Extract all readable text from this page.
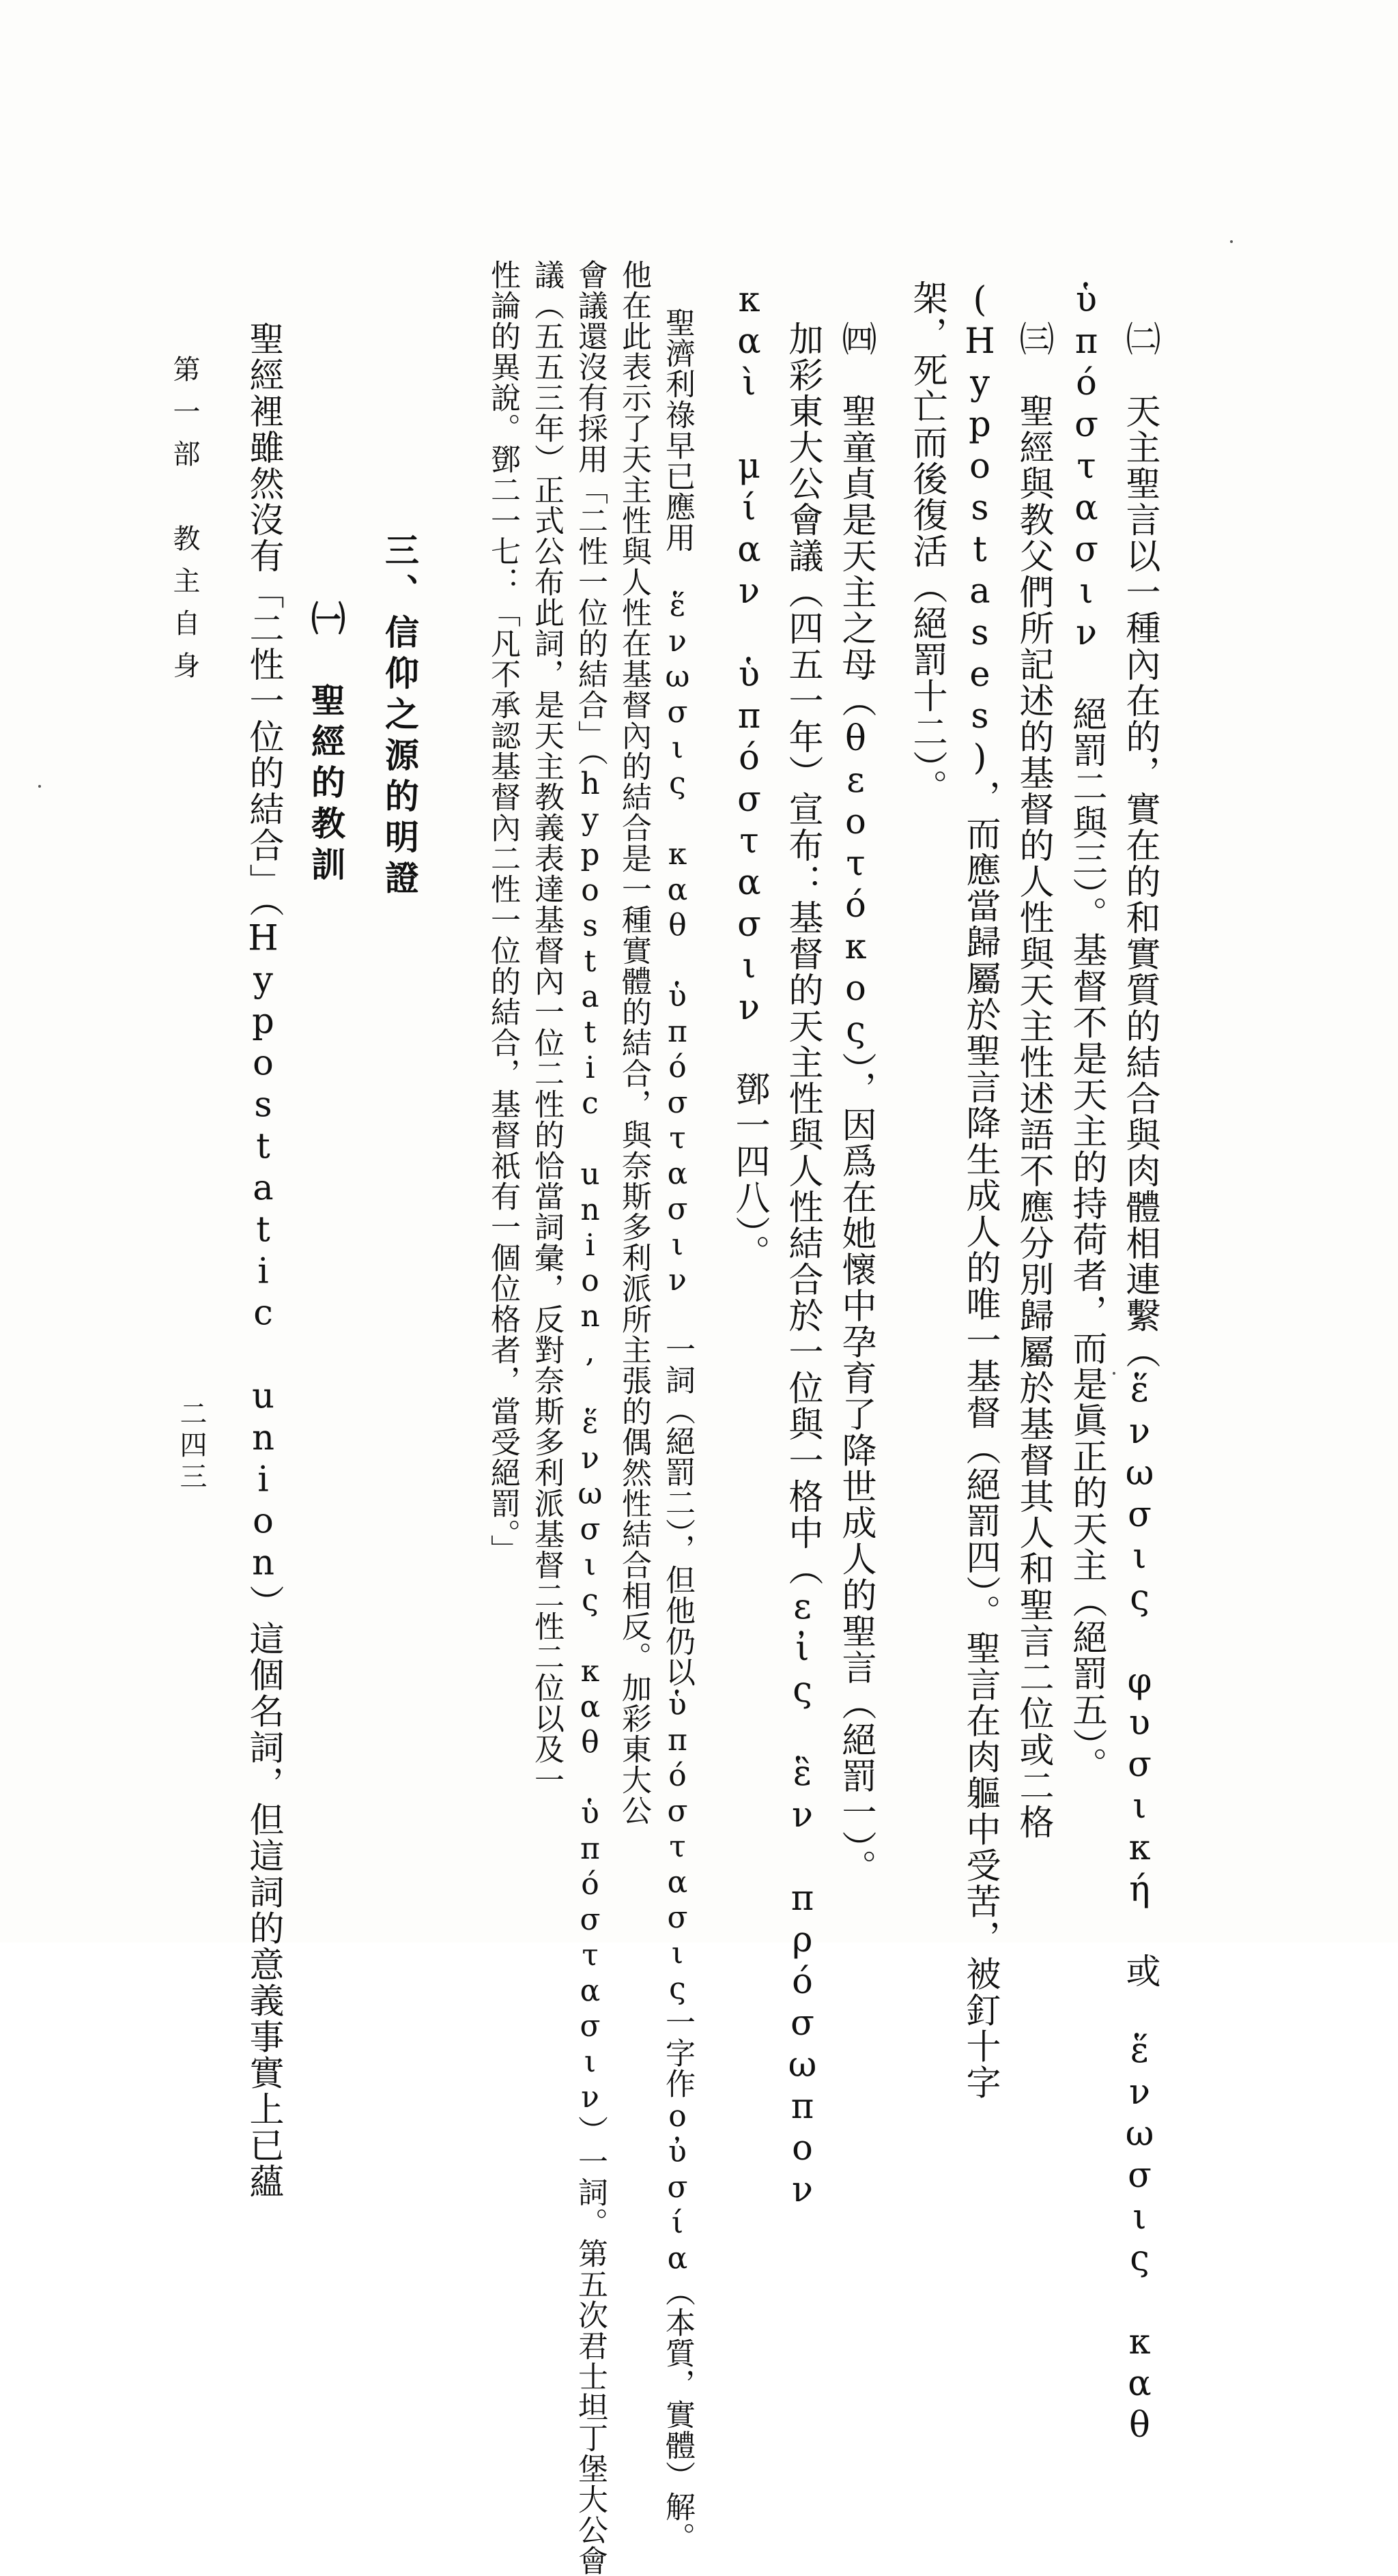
㈡　天主聖言以一種內在的，實在的和實質的結合與肉體相連繫（ἕνωσις φυσική 或 ἕνωσις καθ
ὑπόστασιν 絕罰二與三）。基督不是天主的持荷者，而是眞正的天主（絕罰五）。
㈢　聖經與教父們所記述的基督的人性與天主性述語不應分別歸屬於基督其人和聖言二位或二格
(Hypostases)，而應當歸屬於聖言降生成人的唯一基督（絕罰四）。聖言在肉軀中受苦，被釘十字
架，死亡而後復活（絕罰十二）。
㈣　聖童貞是天主之母（θεοτόκος），因爲在她懷中孕育了降世成人的聖言（絕罰一）。
加彩東大公會議（四五一年）宣布：基督的天主性與人性結合於一位與一格中（εἰς ἓν πρόσωπον
καὶ μίαν ὑπόστασιν 鄧一四八）。
聖濟利祿早已應用 ἕνωσις καθ ὑπόστασιν 一詞（絕罰二），但他仍以ὑπόστασις一字作οὐσία（本質，實體）解。
他在此表示了天主性與人性在基督內的結合是一種實體的結合，與奈斯多利派所主張的偶然性結合相反。加彩東大公
會議還沒有採用「二性一位的結合」（hypostatic union, ἕνωσις καθ ὑπόστασιν）一詞。第五次君士坦丁堡大公會
議（五五三年）正式公布此詞，是天主教義表達基督內一位二性的恰當詞彙，反對奈斯多利派基督二性二位以及一
性論的異說。鄧二一七：「凡不承認基督內二性一位的結合，基督祇有一個位格者，當受絕罰。」
三、信仰之源的明證
㈠　聖經的教訓
聖經裡雖然沒有「二性一位的結合」（Hypostatic union）這個名詞，但這詞的意義事實上已蘊
第一部　教主自身
二四三
